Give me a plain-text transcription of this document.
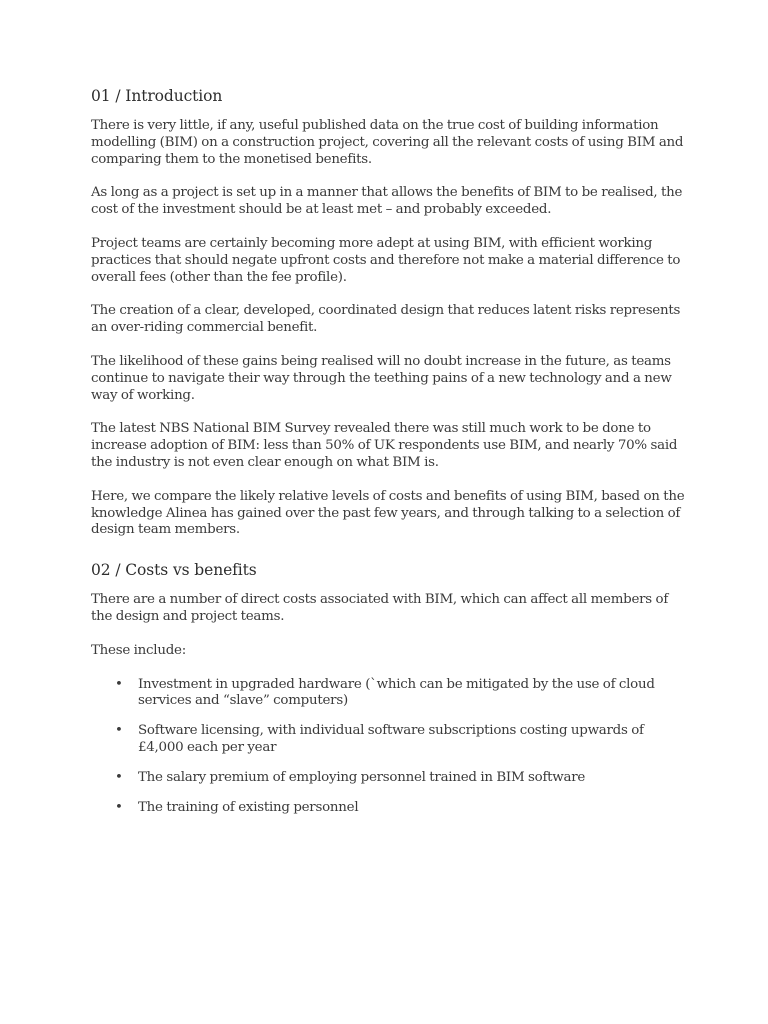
01 / Introduction

There is very little, if any, useful published data on the true cost of building information modelling (BIM) on a construction project, covering all the relevant costs of using BIM and comparing them to the monetised benefits.

As long as a project is set up in a manner that allows the benefits of BIM to be realised, the cost of the investment should be at least met – and probably exceeded.

Project teams are certainly becoming more adept at using BIM, with efficient working practices that should negate upfront costs and therefore not make a material difference to overall fees (other than the fee profile).

The creation of a clear, developed, coordinated design that reduces latent risks represents an over-riding commercial benefit.

The likelihood of these gains being realised will no doubt increase in the future, as teams continue to navigate their way through the teething pains of a new technology and a new way of working.

The latest NBS National BIM Survey revealed there was still much work to be done to increase adoption of BIM: less than 50% of UK respondents use BIM, and nearly 70% said the industry is not even clear enough on what BIM is.

Here, we compare the likely relative levels of costs and benefits of using BIM, based on the knowledge Alinea has gained over the past few years, and through talking to a selection of design team members.

02 / Costs vs benefits

There are a number of direct costs associated with BIM, which can affect all members of the design and project teams.

These include:

• Investment in upgraded hardware (`which can be mitigated by the use of cloud services and “slave” computers)
• Software licensing, with individual software subscriptions costing upwards of £4,000 each per year
• The salary premium of employing personnel trained in BIM software
• The training of existing personnel
